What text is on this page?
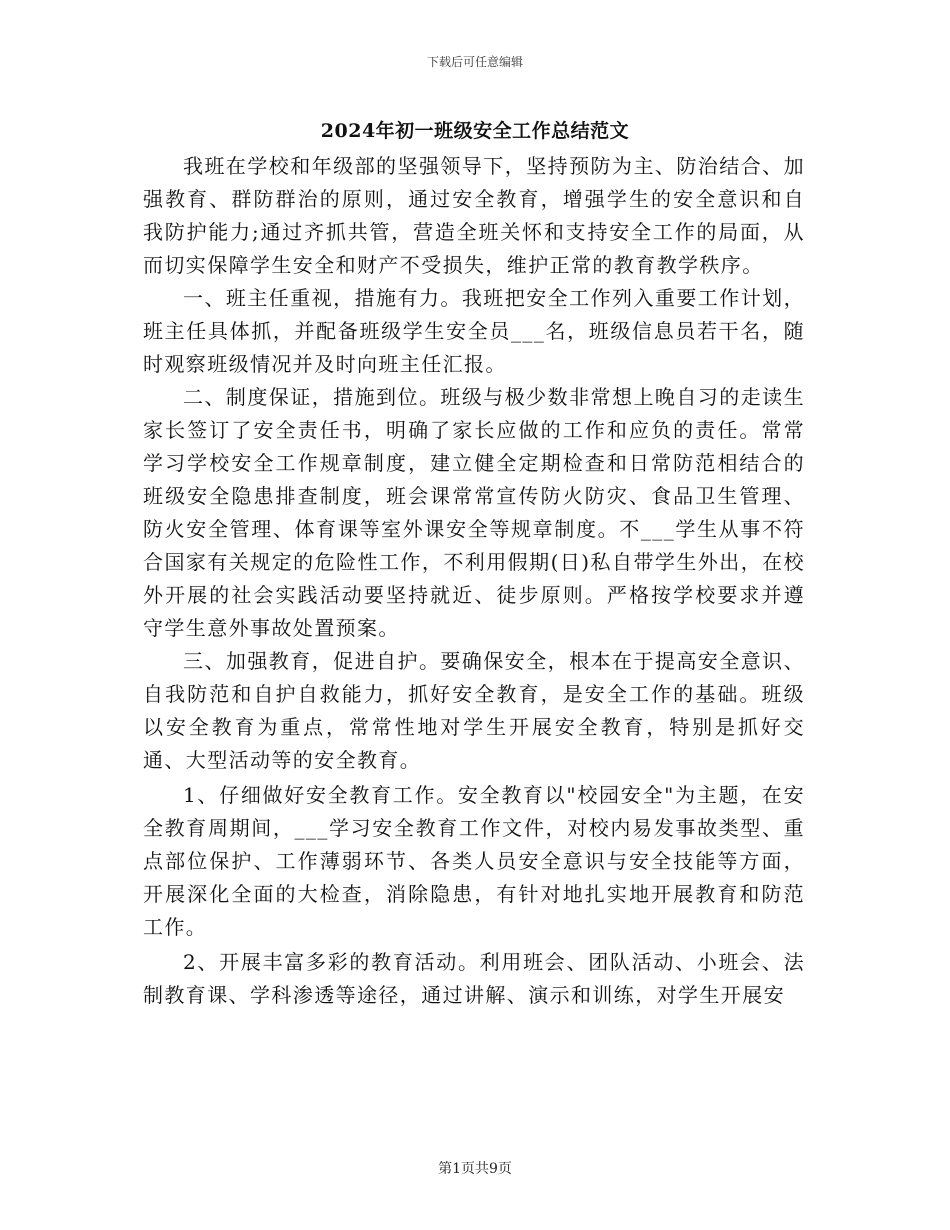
下载后可任意编辑
2024年初一班级安全工作总结范文

我班在学校和年级部的坚强领导下，坚持预防为主、防治结合、加强教育、群防群治的原则，通过安全教育，增强学生的安全意识和自我防护能力;通过齐抓共管，营造全班关怀和支持安全工作的局面，从而切实保障学生安全和财产不受损失，维护正常的教育教学秩序。

一、班主任重视，措施有力。我班把安全工作列入重要工作计划，班主任具体抓，并配备班级学生安全员___名，班级信息员若干名，随时观察班级情况并及时向班主任汇报。

二、制度保证，措施到位。班级与极少数非常想上晚自习的走读生家长签订了安全责任书，明确了家长应做的工作和应负的责任。常常学习学校安全工作规章制度，建立健全定期检查和日常防范相结合的班级安全隐患排查制度，班会课常常宣传防火防灾、食品卫生管理、防火安全管理、体育课等室外课安全等规章制度。不___学生从事不符合国家有关规定的危险性工作，不利用假期(日)私自带学生外出，在校外开展的社会实践活动要坚持就近、徒步原则。严格按学校要求并遵守学生意外事故处置预案。

三、加强教育，促进自护。要确保安全，根本在于提高安全意识、自我防范和自护自救能力，抓好安全教育，是安全工作的基础。班级以安全教育为重点，常常性地对学生开展安全教育，特别是抓好交通、大型活动等的安全教育。

1、仔细做好安全教育工作。安全教育以"校园安全"为主题，在安全教育周期间，___学习安全教育工作文件，对校内易发事故类型、重点部位保护、工作薄弱环节、各类人员安全意识与安全技能等方面，开展深化全面的大检查，消除隐患，有针对地扎实地开展教育和防范工作。

2、开展丰富多彩的教育活动。利用班会、团队活动、小班会、法制教育课、学科渗透等途径，通过讲解、演示和训练，对学生开展安

第1页共9页
